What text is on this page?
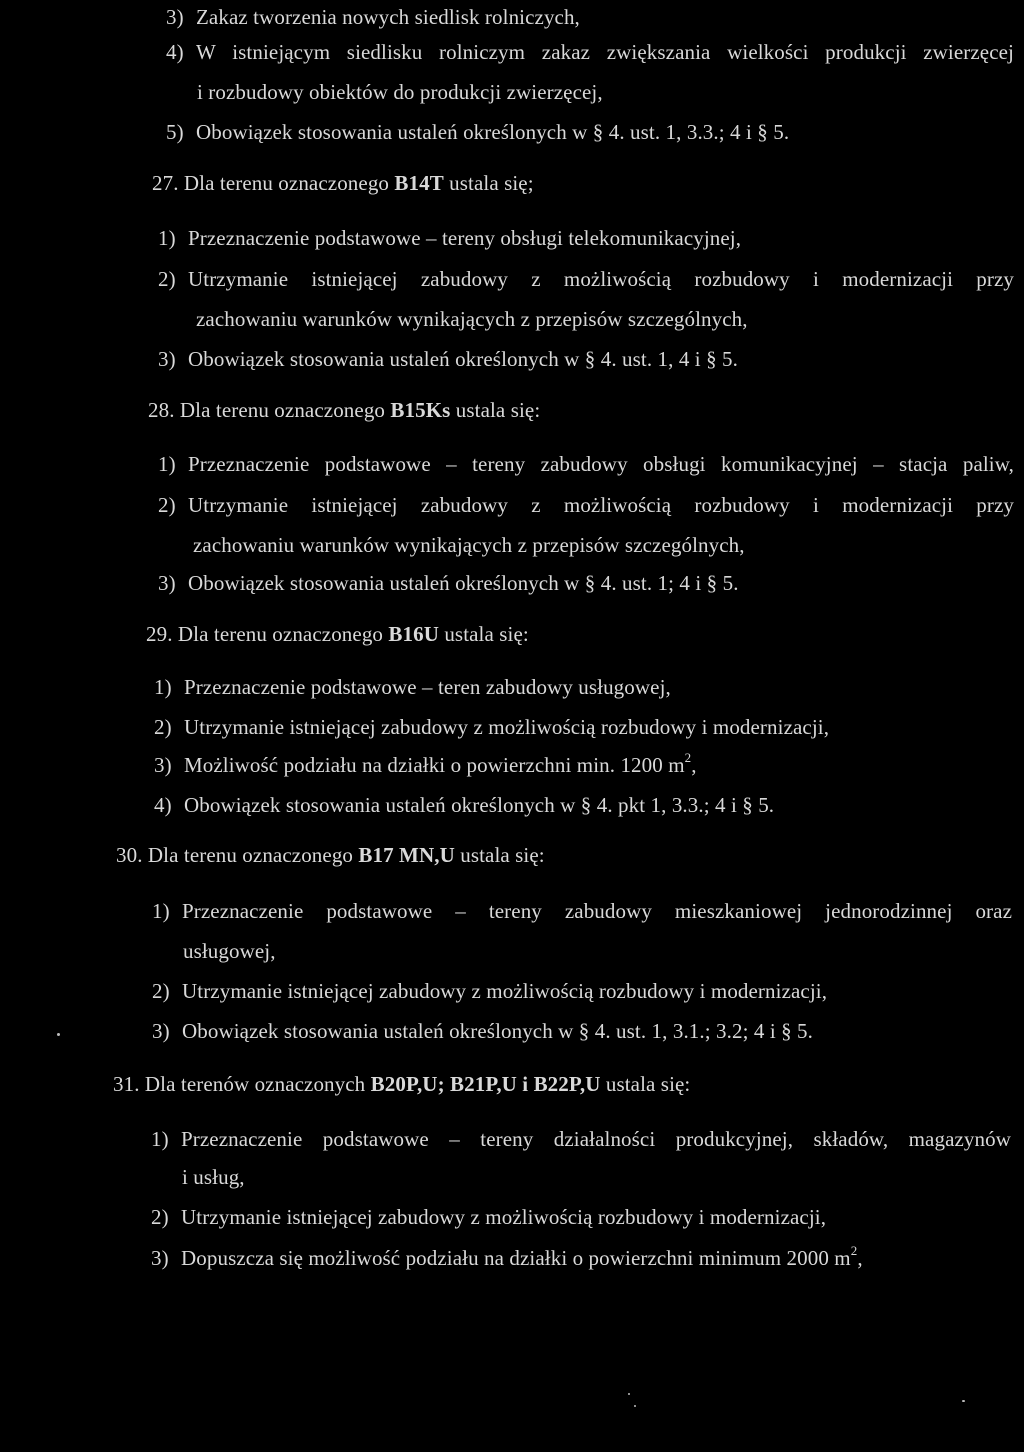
3) Zakaz tworzenia nowych siedlisk rolniczych,
4) W istniejącym siedlisku rolniczym zakaz zwiększania wielkości produkcji zwierzęcej
i rozbudowy obiektów do produkcji zwierzęcej,
5) Obowiązek stosowania ustaleń określonych w § 4. ust. 1, 3.3.; 4 i § 5.
27. Dla terenu oznaczonego B14T ustala się;
1) Przeznaczenie podstawowe – tereny obsługi telekomunikacyjnej,
2) Utrzymanie istniejącej zabudowy z możliwością rozbudowy i modernizacji przy
zachowaniu warunków wynikających z przepisów szczególnych,
3) Obowiązek stosowania ustaleń określonych w § 4. ust. 1, 4 i § 5.
28. Dla terenu oznaczonego B15Ks ustala się:
1) Przeznaczenie podstawowe – tereny zabudowy obsługi komunikacyjnej – stacja paliw,
2) Utrzymanie istniejącej zabudowy z możliwością rozbudowy i modernizacji przy
zachowaniu warunków wynikających z przepisów szczególnych,
3) Obowiązek stosowania ustaleń określonych w § 4. ust. 1; 4 i § 5.
29. Dla terenu oznaczonego B16U ustala się:
1) Przeznaczenie podstawowe – teren zabudowy usługowej,
2) Utrzymanie istniejącej zabudowy z możliwością rozbudowy i modernizacji,
3) Możliwość podziału na działki o powierzchni min. 1200 $m^2$,
4) Obowiązek stosowania ustaleń określonych w § 4. pkt 1, 3.3.; 4 i § 5.
30. Dla terenu oznaczonego B17 MN,U ustala się:
1) Przeznaczenie podstawowe – tereny zabudowy mieszkaniowej jednorodzinnej oraz
usługowej,
2) Utrzymanie istniejącej zabudowy z możliwością rozbudowy i modernizacji,
3) Obowiązek stosowania ustaleń określonych w § 4. ust. 1, 3.1.; 3.2; 4 i § 5.
31. Dla terenów oznaczonych B20P,U; B21P,U i B22P,U ustala się:
1) Przeznaczenie podstawowe – tereny działalności produkcyjnej, składów, magazynów
i usług,
2) Utrzymanie istniejącej zabudowy z możliwością rozbudowy i modernizacji,
3) Dopuszcza się możliwość podziału na działki o powierzchni minimum 2000 $m^2$,
